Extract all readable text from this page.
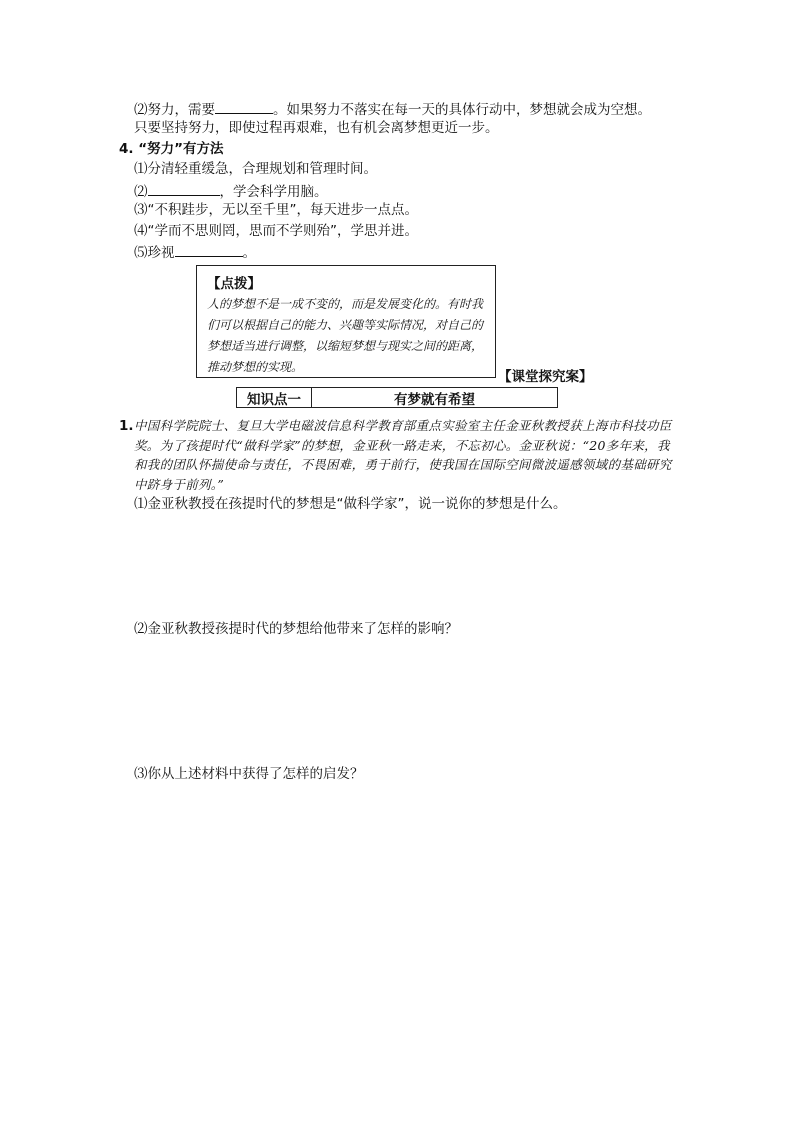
⑵努力，需要	。如果努力不落实在每一天的具体行动中，梦想就会成为空想。
只要坚持努力，即使过程再艰难，也有机会离梦想更近一步。
4. “努力”有方法
⑴分清轻重缓急，合理规划和管理时间。
⑵	，学会科学用脑。
⑶“不积跬步，无以至千里”，每天进步一点点。
⑷“学而不思则罔，思而不学则殆”，学思并进。
⑸珍视	。
【点拨】
人的梦想不是一成不变的，而是发展变化的。有时我们可以根据自己的能力、兴趣等实际情况，对自己的梦想适当进行调整，以缩短梦想与现实之间的距离，推动梦想的实现。
【课堂探究案】
知识点一	有梦就有希望
1. 中国科学院院士、复旦大学电磁波信息科学教育部重点实验室主任金亚秋教授获上海市科技功臣奖。为了孩提时代“做科学家”的梦想，金亚秋一路走来，不忘初心。金亚秋说：“20多年来，我和我的团队怀揣使命与责任，不畏困难，勇于前行，使我国在国际空间微波遥感领域的基础研究中跻身于前列。”
⑴金亚秋教授在孩提时代的梦想是“做科学家”，说一说你的梦想是什么。
⑵金亚秋教授孩提时代的梦想给他带来了怎样的影响？
⑶你从上述材料中获得了怎样的启发？
